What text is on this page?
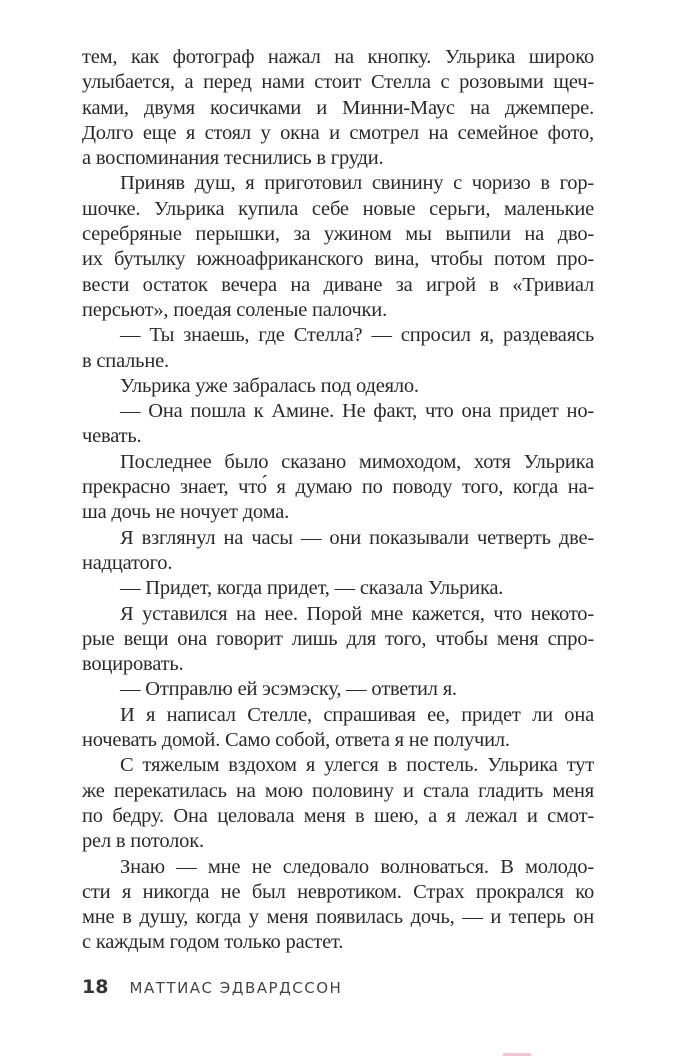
тем, как фотограф нажал на кнопку. Ульрика широко
улыбается, а перед нами стоит Стелла с розовыми щеч-
ками, двумя косичками и Минни-Маус на джемпере.
Долго еще я стоял у окна и смотрел на семейное фото,
а воспоминания теснились в груди.
Приняв душ, я приготовил свинину с чоризо в гор-
шочке. Ульрика купила себе новые серьги, маленькие
серебряные перышки, за ужином мы выпили на дво-
их бутылку южноафриканского вина, чтобы потом про-
вести остаток вечера на диване за игрой в «Тривиал
персьют», поедая соленые палочки.
— Ты знаешь, где Стелла? — спросил я, раздеваясь
в спальне.
Ульрика уже забралась под одеяло.
— Она пошла к Амине. Не факт, что она придет но-
чевать.
Последнее было сказано мимоходом, хотя Ульрика
прекрасно знает, что́ я думаю по поводу того, когда на-
ша дочь не ночует дома.
Я взглянул на часы — они показывали четверть две-
надцатого.
— Придет, когда придет, — сказала Ульрика.
Я уставился на нее. Порой мне кажется, что некото-
рые вещи она говорит лишь для того, чтобы меня спро-
воцировать.
— Отправлю ей эсэмэску, — ответил я.
И я написал Стелле, спрашивая ее, придет ли она
ночевать домой. Само собой, ответа я не получил.
С тяжелым вздохом я улегся в постель. Ульрика тут
же перекатилась на мою половину и стала гладить меня
по бедру. Она целовала меня в шею, а я лежал и смот-
рел в потолок.
Знаю — мне не следовало волноваться. В молодо-
сти я никогда не был невротиком. Страх прокрался ко
мне в душу, когда у меня появилась дочь, — и теперь он
с каждым годом только растет.
18 МАТТИАС ЭДВАРДССОН
